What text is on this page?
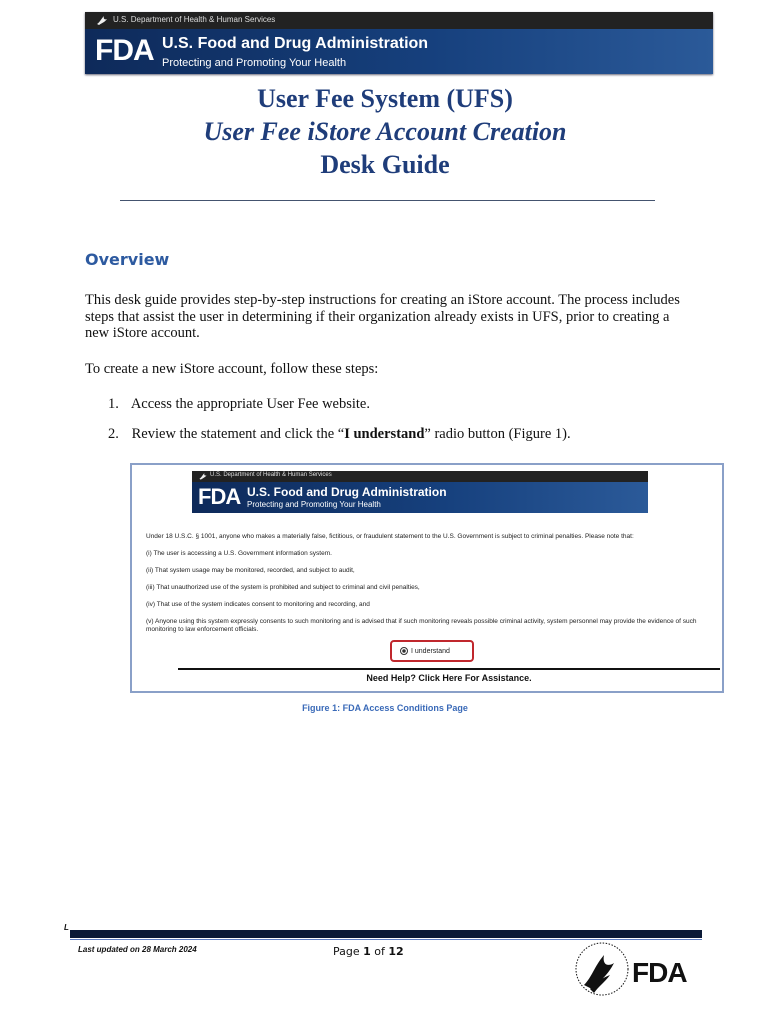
U.S. Department of Health & Human Services
FDA U.S. Food and Drug Administration
Protecting and Promoting Your Health
User Fee System (UFS)
User Fee iStore Account Creation
Desk Guide
Overview
This desk guide provides step-by-step instructions for creating an iStore account. The process includes steps that assist the user in determining if their organization already exists in UFS, prior to creating a new iStore account.
To create a new iStore account, follow these steps:
1. Access the appropriate User Fee website.
2. Review the statement and click the “I understand” radio button (Figure 1).
U.S. Department of Health & Human Services
FDA U.S. Food and Drug Administration
Protecting and Promoting Your Health
Under 18 U.S.C. § 1001, anyone who makes a materially false, fictitious, or fraudulent statement to the U.S. Government is subject to criminal penalties. Please note that:
(i) The user is accessing a U.S. Government information system.
(ii) That system usage may be monitored, recorded, and subject to audit,
(iii) That unauthorized use of the system is prohibited and subject to criminal and civil penalties,
(iv) That use of the system indicates consent to monitoring and recording, and
(v) Anyone using this system expressly consents to such monitoring and is advised that if such monitoring reveals possible criminal activity, system personnel may provide the evidence of such monitoring to law enforcement officials.
I understand
Need Help? Click Here For Assistance.
Figure 1: FDA Access Conditions Page
L
Last updated on 28 March 2024	Page 1 of 12
FDA
